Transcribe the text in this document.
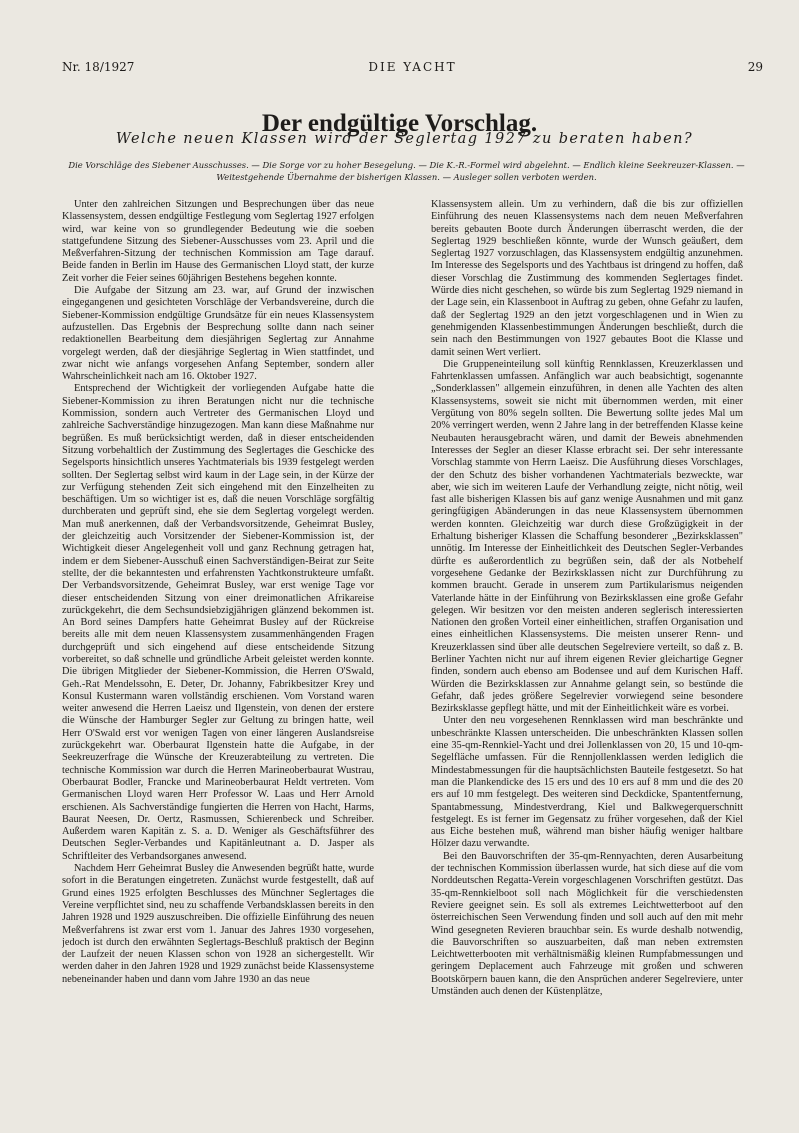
Nr. 18/1927	DIE YACHT	29
Der endgültige Vorschlag.
Welche neuen Klassen wird der Seglertag 1927 zu beraten haben?
Die Vorschläge des Siebener Ausschusses. — Die Sorge vor zu hoher Besegelung. — Die K.-R.-Formel wird abgelehnt. — Endlich kleine Seekreuzer-Klassen. — Weitestgehende Übernahme der bisherigen Klassen. — Ausleger sollen verboten werden.

Unter den zahlreichen Sitzungen und Besprechungen über das neue Klassensystem, dessen endgültige Festlegung vom Seglertag 1927 erfolgen wird, war keine von so grundlegender Bedeutung wie die soeben stattgefundene Sitzung des Siebener-Ausschusses vom 23. April und die Meßverfahren-Sitzung der technischen Kommission am Tage darauf. Beide fanden in Berlin im Hause des Germanischen Lloyd statt, der kurze Zeit vorher die Feier seines 60jährigen Bestehens begehen konnte.

Die Aufgabe der Sitzung am 23. war, auf Grund der inzwischen eingegangenen und gesichteten Vorschläge der Verbandsvereine, durch die Siebener-Kommission endgültige Grundsätze für ein neues Klassensystem aufzustellen. Das Ergebnis der Besprechung sollte dann nach seiner redaktionellen Bearbeitung dem diesjährigen Seglertag zur Annahme vorgelegt werden, daß der diesjährige Seglertag in Wien stattfindet, und zwar nicht wie anfangs vorgesehen Anfang September, sondern aller Wahrscheinlichkeit nach am 16. Oktober 1927.

Entsprechend der Wichtigkeit der vorliegenden Aufgabe hatte die Siebener-Kommission zu ihren Beratungen nicht nur die technische Kommission, sondern auch Vertreter des Germanischen Lloyd und zahlreiche Sachverständige hinzugezogen. Man kann diese Maßnahme nur begrüßen. Es muß berücksichtigt werden, daß in dieser entscheidenden Sitzung vorbehaltlich der Zustimmung des Seglertages die Geschicke des Segelsports hinsichtlich unseres Yachtmaterials bis 1939 festgelegt werden sollten. Der Seglertag selbst wird kaum in der Lage sein, in der Kürze der zur Verfügung stehenden Zeit sich eingehend mit den Einzelheiten zu beschäftigen. Um so wichtiger ist es, daß die neuen Vorschläge sorgfältig durchberaten und geprüft sind, ehe sie dem Seglertag vorgelegt werden. Man muß anerkennen, daß der Verbandsvorsitzende, Geheimrat Busley, der gleichzeitig auch Vorsitzender der Siebener-Kommission ist, der Wichtigkeit dieser Angelegenheit voll und ganz Rechnung getragen hat, indem er dem Siebener-Ausschuß einen Sachverständigen-Beirat zur Seite stellte, der die bekanntesten und erfahrensten Yachtkonstrukteure umfaßt. Der Verbandsvorsitzende, Geheimrat Busley, war erst wenige Tage vor dieser entscheidenden Sitzung von einer dreimonatlichen Afrikareise zurückgekehrt, die dem Sechsundsiebzigjährigen glänzend bekommen ist. An Bord seines Dampfers hatte Geheimrat Busley auf der Rückreise bereits alle mit dem neuen Klassensystem zusammenhängenden Fragen durchgeprüft und sich eingehend auf diese entscheidende Sitzung vorbereitet, so daß schnelle und gründliche Arbeit geleistet werden konnte. Die übrigen Mitglieder der Siebener-Kommission, die Herren O'Swald, Geh.-Rat Mendelssohn, E. Deter, Dr. Johanny, Fabrikbesitzer Krey und Konsul Kustermann waren vollständig erschienen. Vom Vorstand waren weiter anwesend die Herren Laeisz und Ilgenstein, von denen der erstere die Wünsche der Hamburger Segler zur Geltung zu bringen hatte, weil Herr O'Swald erst vor wenigen Tagen von einer längeren Auslandsreise zurückgekehrt war. Oberbaurat Ilgenstein hatte die Aufgabe, in der Seekreuzerfrage die Wünsche der Kreuzerabteilung zu vertreten. Die technische Kommission war durch die Herren Marineoberbaurat Wustrau, Oberbaurat Bodler, Francke und Marineoberbaurat Heldt vertreten. Vom Germanischen Lloyd waren Herr Professor W. Laas und Herr Arnold erschienen. Als Sachverständige fungierten die Herren von Hacht, Harms, Baurat Neesen, Dr. Oertz, Rasmussen, Schierenbeck und Schreiber. Außerdem waren Kapitän z. S. a. D. Weniger als Geschäftsführer des Deutschen Segler-Verbandes und Kapitänleutnant a. D. Jasper als Schriftleiter des Verbandsorganes anwesend.

Nachdem Herr Geheimrat Busley die Anwesenden begrüßt hatte, wurde sofort in die Beratungen eingetreten. Zunächst wurde festgestellt, daß auf Grund eines 1925 erfolgten Beschlusses des Münchner Seglertages die Vereine verpflichtet sind, neu zu schaffende Verbandsklassen bereits in den Jahren 1928 und 1929 auszuschreiben. Die offizielle Einführung des neuen Meßverfahrens ist zwar erst vom 1. Januar des Jahres 1930 vorgesehen, jedoch ist durch den erwähnten Seglertags-Beschluß praktisch der Beginn der Laufzeit der neuen Klassen schon von 1928 an sichergestellt. Wir werden daher in den Jahren 1928 und 1929 zunächst beide Klassensysteme nebeneinander haben und dann vom Jahre 1930 an das neue

Klassensystem allein. Um zu verhindern, daß die bis zur offiziellen Einführung des neuen Klassensystems nach dem neuen Meßverfahren bereits gebauten Boote durch Änderungen überrascht werden, die der Seglertag 1929 beschließen könnte, wurde der Wunsch geäußert, dem Seglertag 1927 vorzuschlagen, das Klassensystem endgültig anzunehmen. Im Interesse des Segelsports und des Yachtbaus ist dringend zu hoffen, daß dieser Vorschlag die Zustimmung des kommenden Seglertages findet. Würde dies nicht geschehen, so würde bis zum Seglertag 1929 niemand in der Lage sein, ein Klassenboot in Auftrag zu geben, ohne Gefahr zu laufen, daß der Seglertag 1929 an den jetzt vorgeschlagenen und in Wien zu genehmigenden Klassenbestimmungen Änderungen beschließt, durch die sein nach den Bestimmungen von 1927 gebautes Boot die Klasse und damit seinen Wert verliert.

Die Gruppeneinteilung soll künftig Rennklassen, Kreuzerklassen und Fahrtenklassen umfassen. Anfänglich war auch beabsichtigt, sogenannte „Sonderklassen" allgemein einzuführen, in denen alle Yachten des alten Klassensystems, soweit sie nicht mit übernommen werden, mit einer Vergütung von 80% segeln sollten. Die Bewertung sollte jedes Mal um 20% verringert werden, wenn 2 Jahre lang in der betreffenden Klasse keine Neubauten herausgebracht wären, und damit der Beweis abnehmenden Interesses der Segler an dieser Klasse erbracht sei. Der sehr interessante Vorschlag stammte von Herrn Laeisz. Die Ausführung dieses Vorschlages, der den Schutz des bisher vorhandenen Yachtmaterials bezweckte, war aber, wie sich im weiteren Laufe der Verhandlung zeigte, nicht nötig, weil fast alle bisherigen Klassen bis auf ganz wenige Ausnahmen und mit ganz geringfügigen Abänderungen in das neue Klassensystem übernommen werden konnten. Gleichzeitig war durch diese Großzügigkeit in der Erhaltung bisheriger Klassen die Schaffung besonderer „Bezirksklassen" unnötig. Im Interesse der Einheitlichkeit des Deutschen Segler-Verbandes dürfte es außerordentlich zu begrüßen sein, daß der als Notbehelf vorgesehene Gedanke der Bezirksklassen nicht zur Durchführung zu kommen braucht. Gerade in unserem zum Partikularismus neigenden Vaterlande hätte in der Einführung von Bezirksklassen eine große Gefahr gelegen. Wir besitzen vor den meisten anderen seglerisch interessierten Nationen den großen Vorteil einer einheitlichen, straffen Organisation und eines einheitlichen Klassensystems. Die meisten unserer Renn- und Kreuzerklassen sind über alle deutschen Segelreviere verteilt, so daß z. B. Berliner Yachten nicht nur auf ihrem eigenen Revier gleichartige Gegner finden, sondern auch ebenso am Bodensee und auf dem Kurischen Haff. Würden die Bezirksklassen zur Annahme gelangt sein, so bestünde die Gefahr, daß jedes größere Segelrevier vorwiegend seine besondere Bezirksklasse gepflegt hätte, und mit der Einheitlichkeit wäre es vorbei.

Unter den neu vorgesehenen Rennklassen wird man beschränkte und unbeschränkte Klassen unterscheiden. Die unbeschränkten Klassen sollen eine 35-qm-Rennkiel-Yacht und drei Jollenklassen von 20, 15 und 10-qm-Segelfläche umfassen. Für die Rennjollenklassen werden lediglich die Mindestabmessungen für die hauptsächlichsten Bauteile festgesetzt. So hat man die Plankendicke des 15 ers und des 10 ers auf 8 mm und die des 20 ers auf 10 mm festgelegt. Des weiteren sind Deckdicke, Spantentfernung, Spantabmessung, Mindestverdrang, Kiel und Balkwegerquerschnitt festgelegt. Es ist ferner im Gegensatz zu früher vorgesehen, daß der Kiel aus Eiche bestehen muß, während man bisher häufig weniger haltbare Hölzer dazu verwandte.

Bei den Bauvorschriften der 35-qm-Rennyachten, deren Ausarbeitung der technischen Kommission überlassen wurde, hat sich diese auf die vom Norddeutschen Regatta-Verein vorgeschlagenen Vorschriften gestützt. Das 35-qm-Rennkielboot soll nach Möglichkeit für die verschiedensten Reviere geeignet sein. Es soll als extremes Leichtwetterboot auf den österreichischen Seen Verwendung finden und soll auch auf den mit mehr Wind gesegneten Revieren brauchbar sein. Es wurde deshalb notwendig, die Bauvorschriften so auszuarbeiten, daß man neben extremsten Leichtwetterbooten mit verhältnismäßig kleinen Rumpfabmessungen und geringem Deplacement auch Fahrzeuge mit großen und schweren Bootskörpern bauen kann, die den Ansprüchen anderer Segelreviere, unter Umständen auch denen der Küstenplätze,
